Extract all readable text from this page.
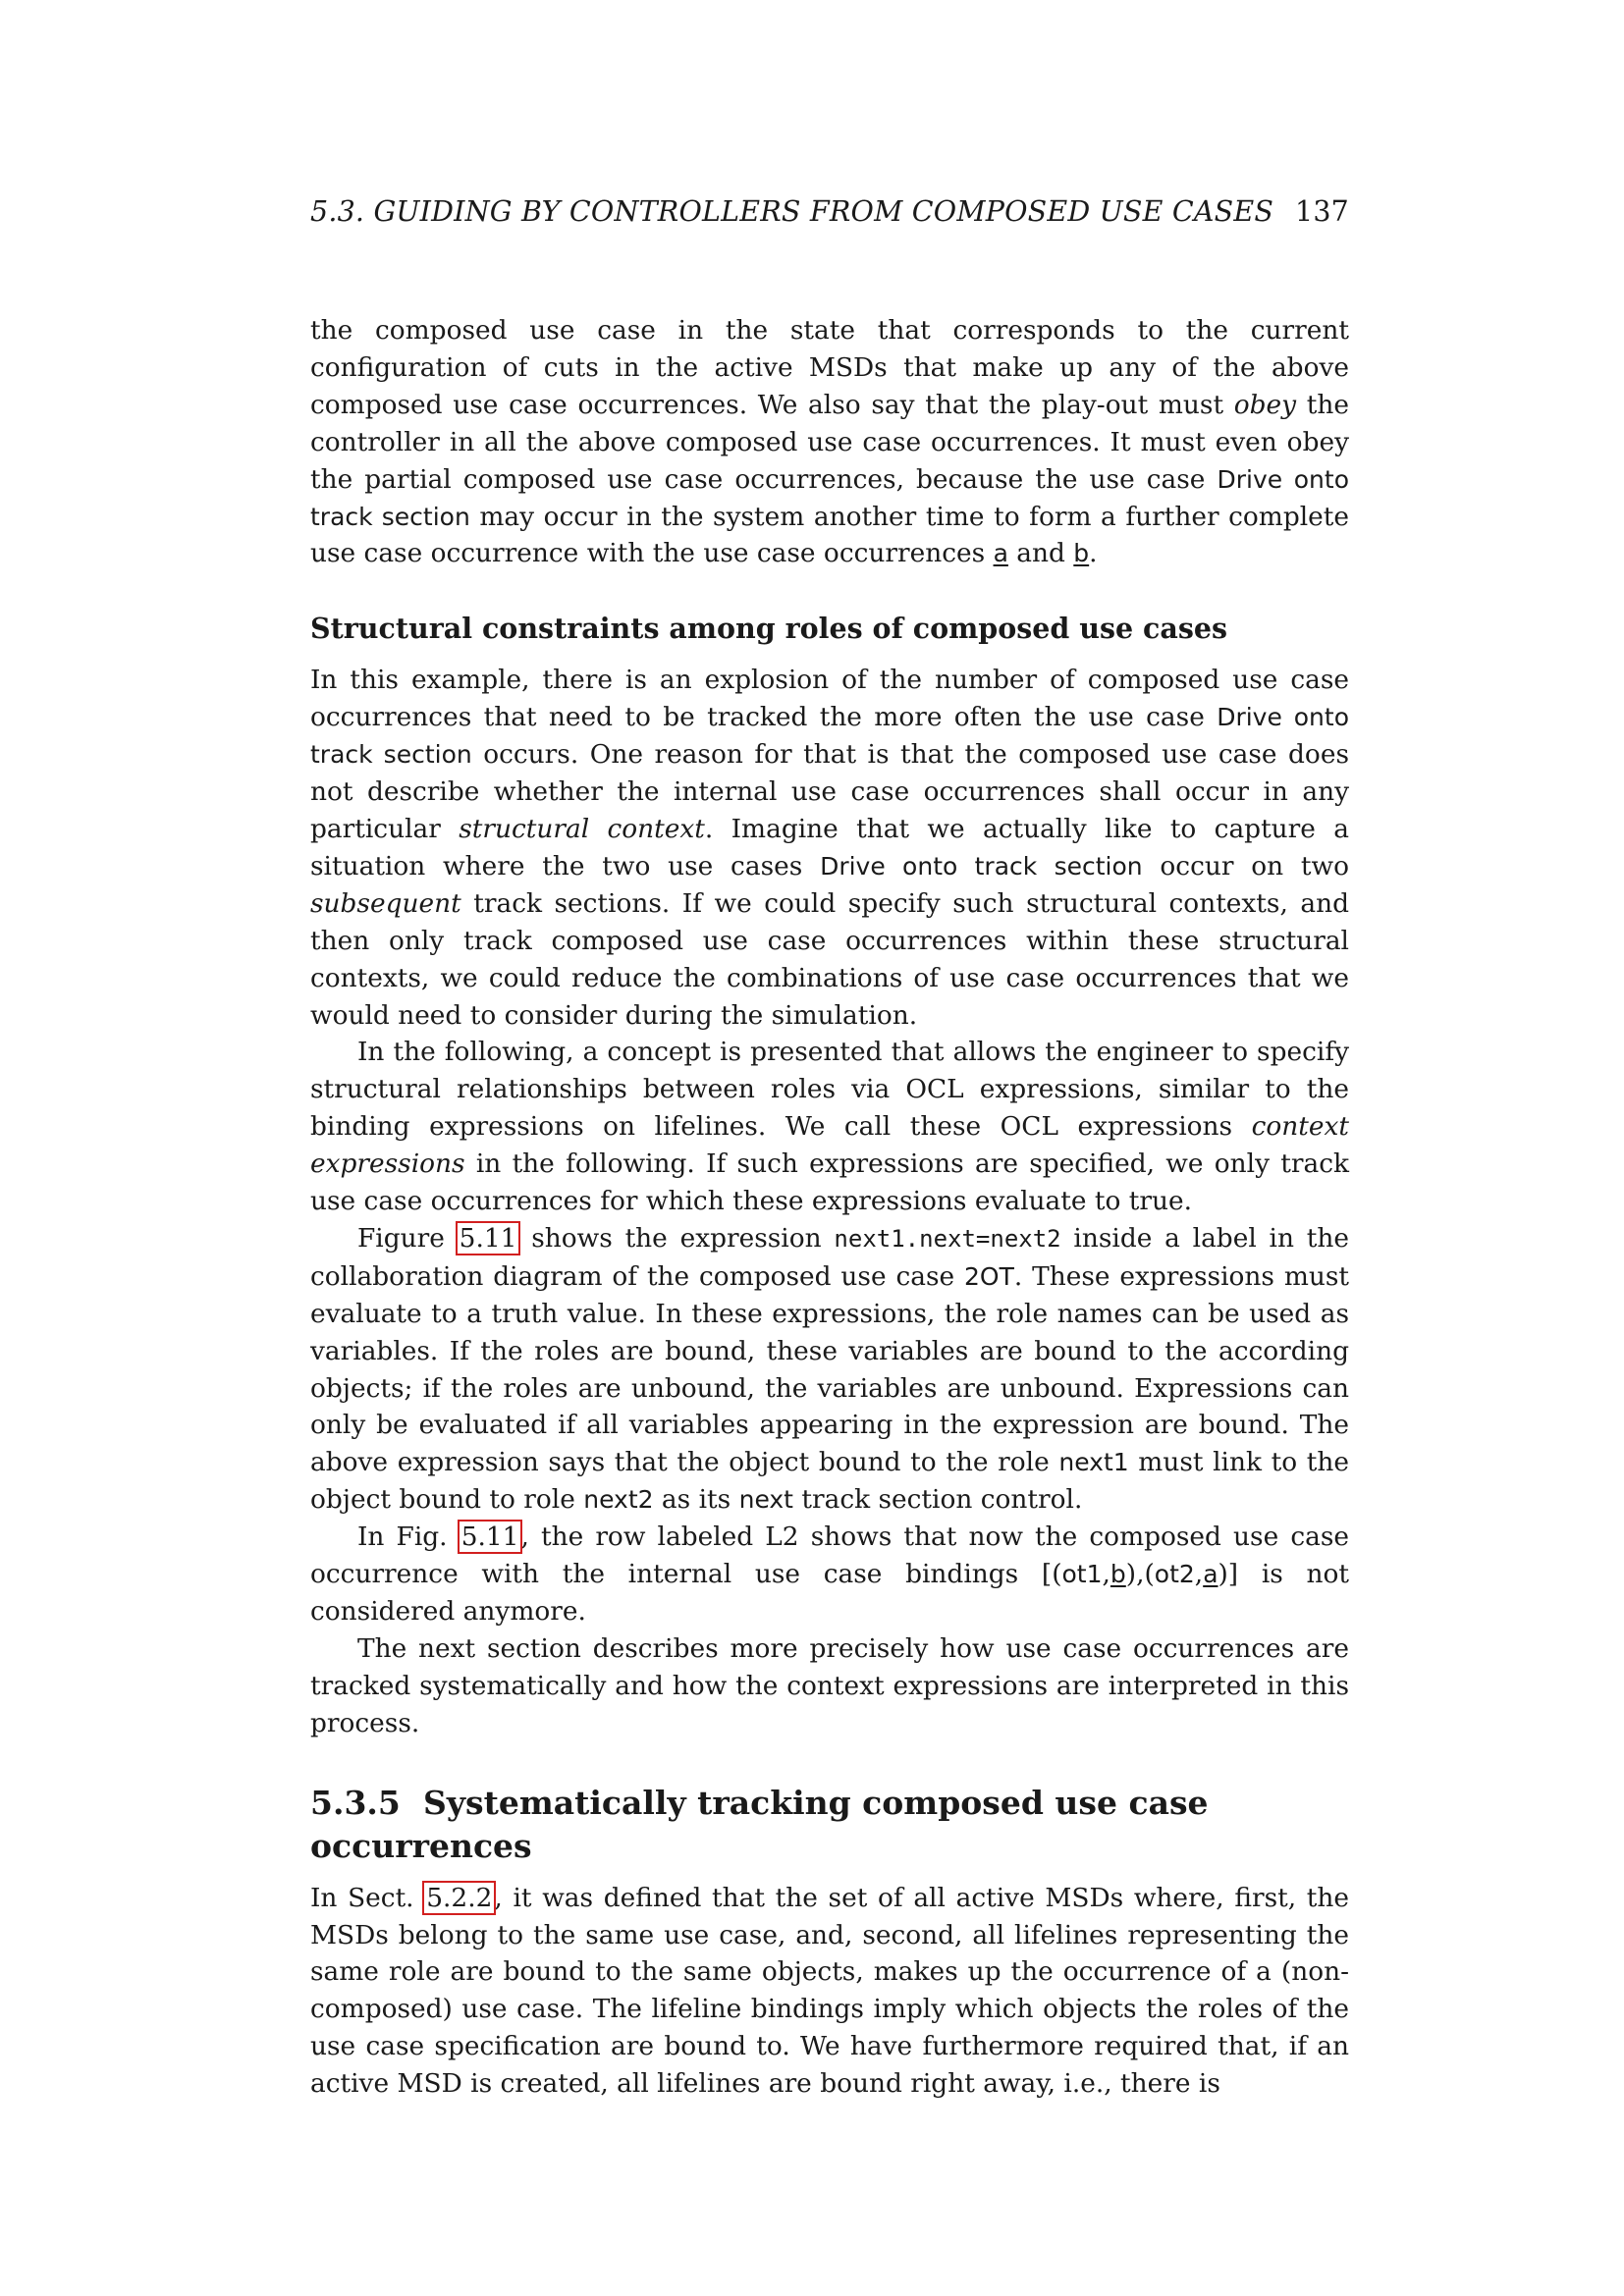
5.3. GUIDING BY CONTROLLERS FROM COMPOSED USE CASES 137

the composed use case in the state that corresponds to the current configuration of cuts in the active MSDs that make up any of the above composed use case occurrences. We also say that the play-out must obey the controller in all the above composed use case occurrences. It must even obey the partial composed use case occurrences, because the use case Drive onto track section may occur in the system another time to form a further complete use case occurrence with the use case occurrences a and b.

Structural constraints among roles of composed use cases

In this example, there is an explosion of the number of composed use case occurrences that need to be tracked the more often the use case Drive onto track section occurs. One reason for that is that the composed use case does not describe whether the internal use case occurrences shall occur in any particular structural context. Imagine that we actually like to capture a situation where the two use cases Drive onto track section occur on two subsequent track sections. If we could specify such structural contexts, and then only track composed use case occurrences within these structural contexts, we could reduce the combinations of use case occurrences that we would need to consider during the simulation.

In the following, a concept is presented that allows the engineer to specify structural relationships between roles via OCL expressions, similar to the binding expressions on lifelines. We call these OCL expressions context expressions in the following. If such expressions are specified, we only track use case occurrences for which these expressions evaluate to true.

Figure 5.11 shows the expression next1.next=next2 inside a label in the collaboration diagram of the composed use case 2OT. These expressions must evaluate to a truth value. In these expressions, the role names can be used as variables. If the roles are bound, these variables are bound to the according objects; if the roles are unbound, the variables are unbound. Expressions can only be evaluated if all variables appearing in the expression are bound. The above expression says that the object bound to the role next1 must link to the object bound to role next2 as its next track section control.

In Fig. 5.11, the row labeled L2 shows that now the composed use case occurrence with the internal use case bindings [(ot1,b),(ot2,a)] is not considered anymore.

The next section describes more precisely how use case occurrences are tracked systematically and how the context expressions are interpreted in this process.

5.3.5 Systematically tracking composed use case occurrences

In Sect. 5.2.2, it was defined that the set of all active MSDs where, first, the MSDs belong to the same use case, and, second, all lifelines representing the same role are bound to the same objects, makes up the occurrence of a (non-composed) use case. The lifeline bindings imply which objects the roles of the use case specification are bound to. We have furthermore required that, if an active MSD is created, all lifelines are bound right away, i.e., there is
